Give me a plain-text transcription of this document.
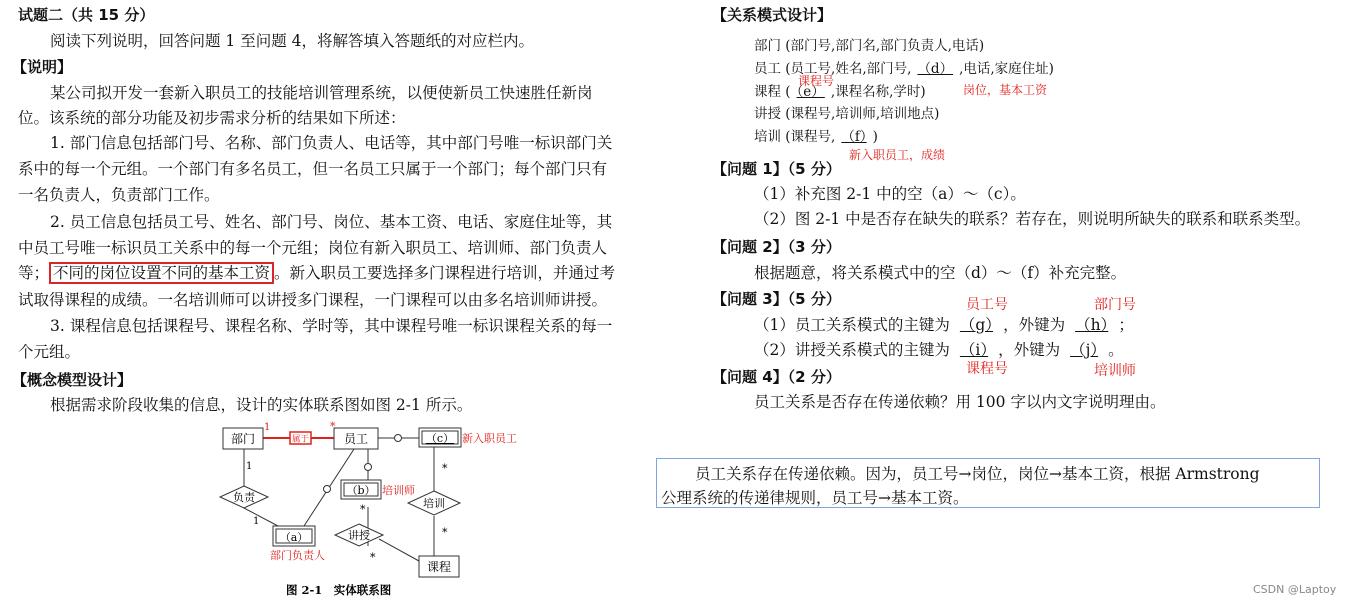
试题二（共 15 分）
阅读下列说明，回答问题 1 至问题 4，将解答填入答题纸的对应栏内。
【说明】
某公司拟开发一套新入职员工的技能培训管理系统，以便使新员工快速胜任新岗
位。该系统的部分功能及初步需求分析的结果如下所述：
1. 部门信息包括部门号、名称、部门负责人、电话等，其中部门号唯一标识部门关
系中的每一个元组。一个部门有多名员工，但一名员工只属于一个部门；每个部门只有
一名负责人，负责部门工作。
2. 员工信息包括员工号、姓名、部门号、岗位、基本工资、电话、家庭住址等，其
中员工号唯一标识员工关系中的每一个元组；岗位有新入职员工、培训师、部门负责人
等； 不同的岗位设置不同的基本工资 。新入职员工要选择多门课程进行培训，并通过考
试取得课程的成绩。一名培训师可以讲授多门课程，一门课程可以由多名培训师讲授。
3. 课程信息包括课程号、课程名称、学时等，其中课程号唯一标识课程关系的每一
个元组。
【概念模型设计】
根据需求阶段收集的信息，设计的实体联系图如图 2-1 所示。
部门	员工	（c）
（b）
（a）
课程
属于
负责	培训
讲授
1	*
1
1
*
*
*
*
新入职员工
培训师
部门负责人
图 2-1　实体联系图
【关系模式设计】
部门 (部门号,部门名,部门负责人,电话)
员工 (员工号,姓名,部门号, （d） ,电话,家庭住址)
课程 ( （e） ,课程名称,学时)
讲授 (课程号,培训师,培训地点)
培训 (课程号, （f） )
课程号
岗位，基本工资
新入职员工，成绩
【问题 1】（5 分）
（1）补充图 2-1 中的空（a）～（c）。
（2）图 2-1 中是否存在缺失的联系？若存在，则说明所缺失的联系和联系类型。
【问题 2】（3 分）
根据题意，将关系模式中的空（d）～（f）补充完整。
【问题 3】（5 分）
（1）员工关系模式的主键为 （g） ，外键为 （h） ；
（2）讲授关系模式的主键为 （i） ，外键为 （j） 。
员工号	部门号
课程号	培训师
【问题 4】（2 分）
员工关系是否存在传递依赖？用 100 字以内文字说明理由。
员工关系存在传递依赖。因为，员工号→岗位，岗位→基本工资，根据 Armstrong
公理系统的传递律规则，员工号→基本工资。
CSDN @Laptoy
